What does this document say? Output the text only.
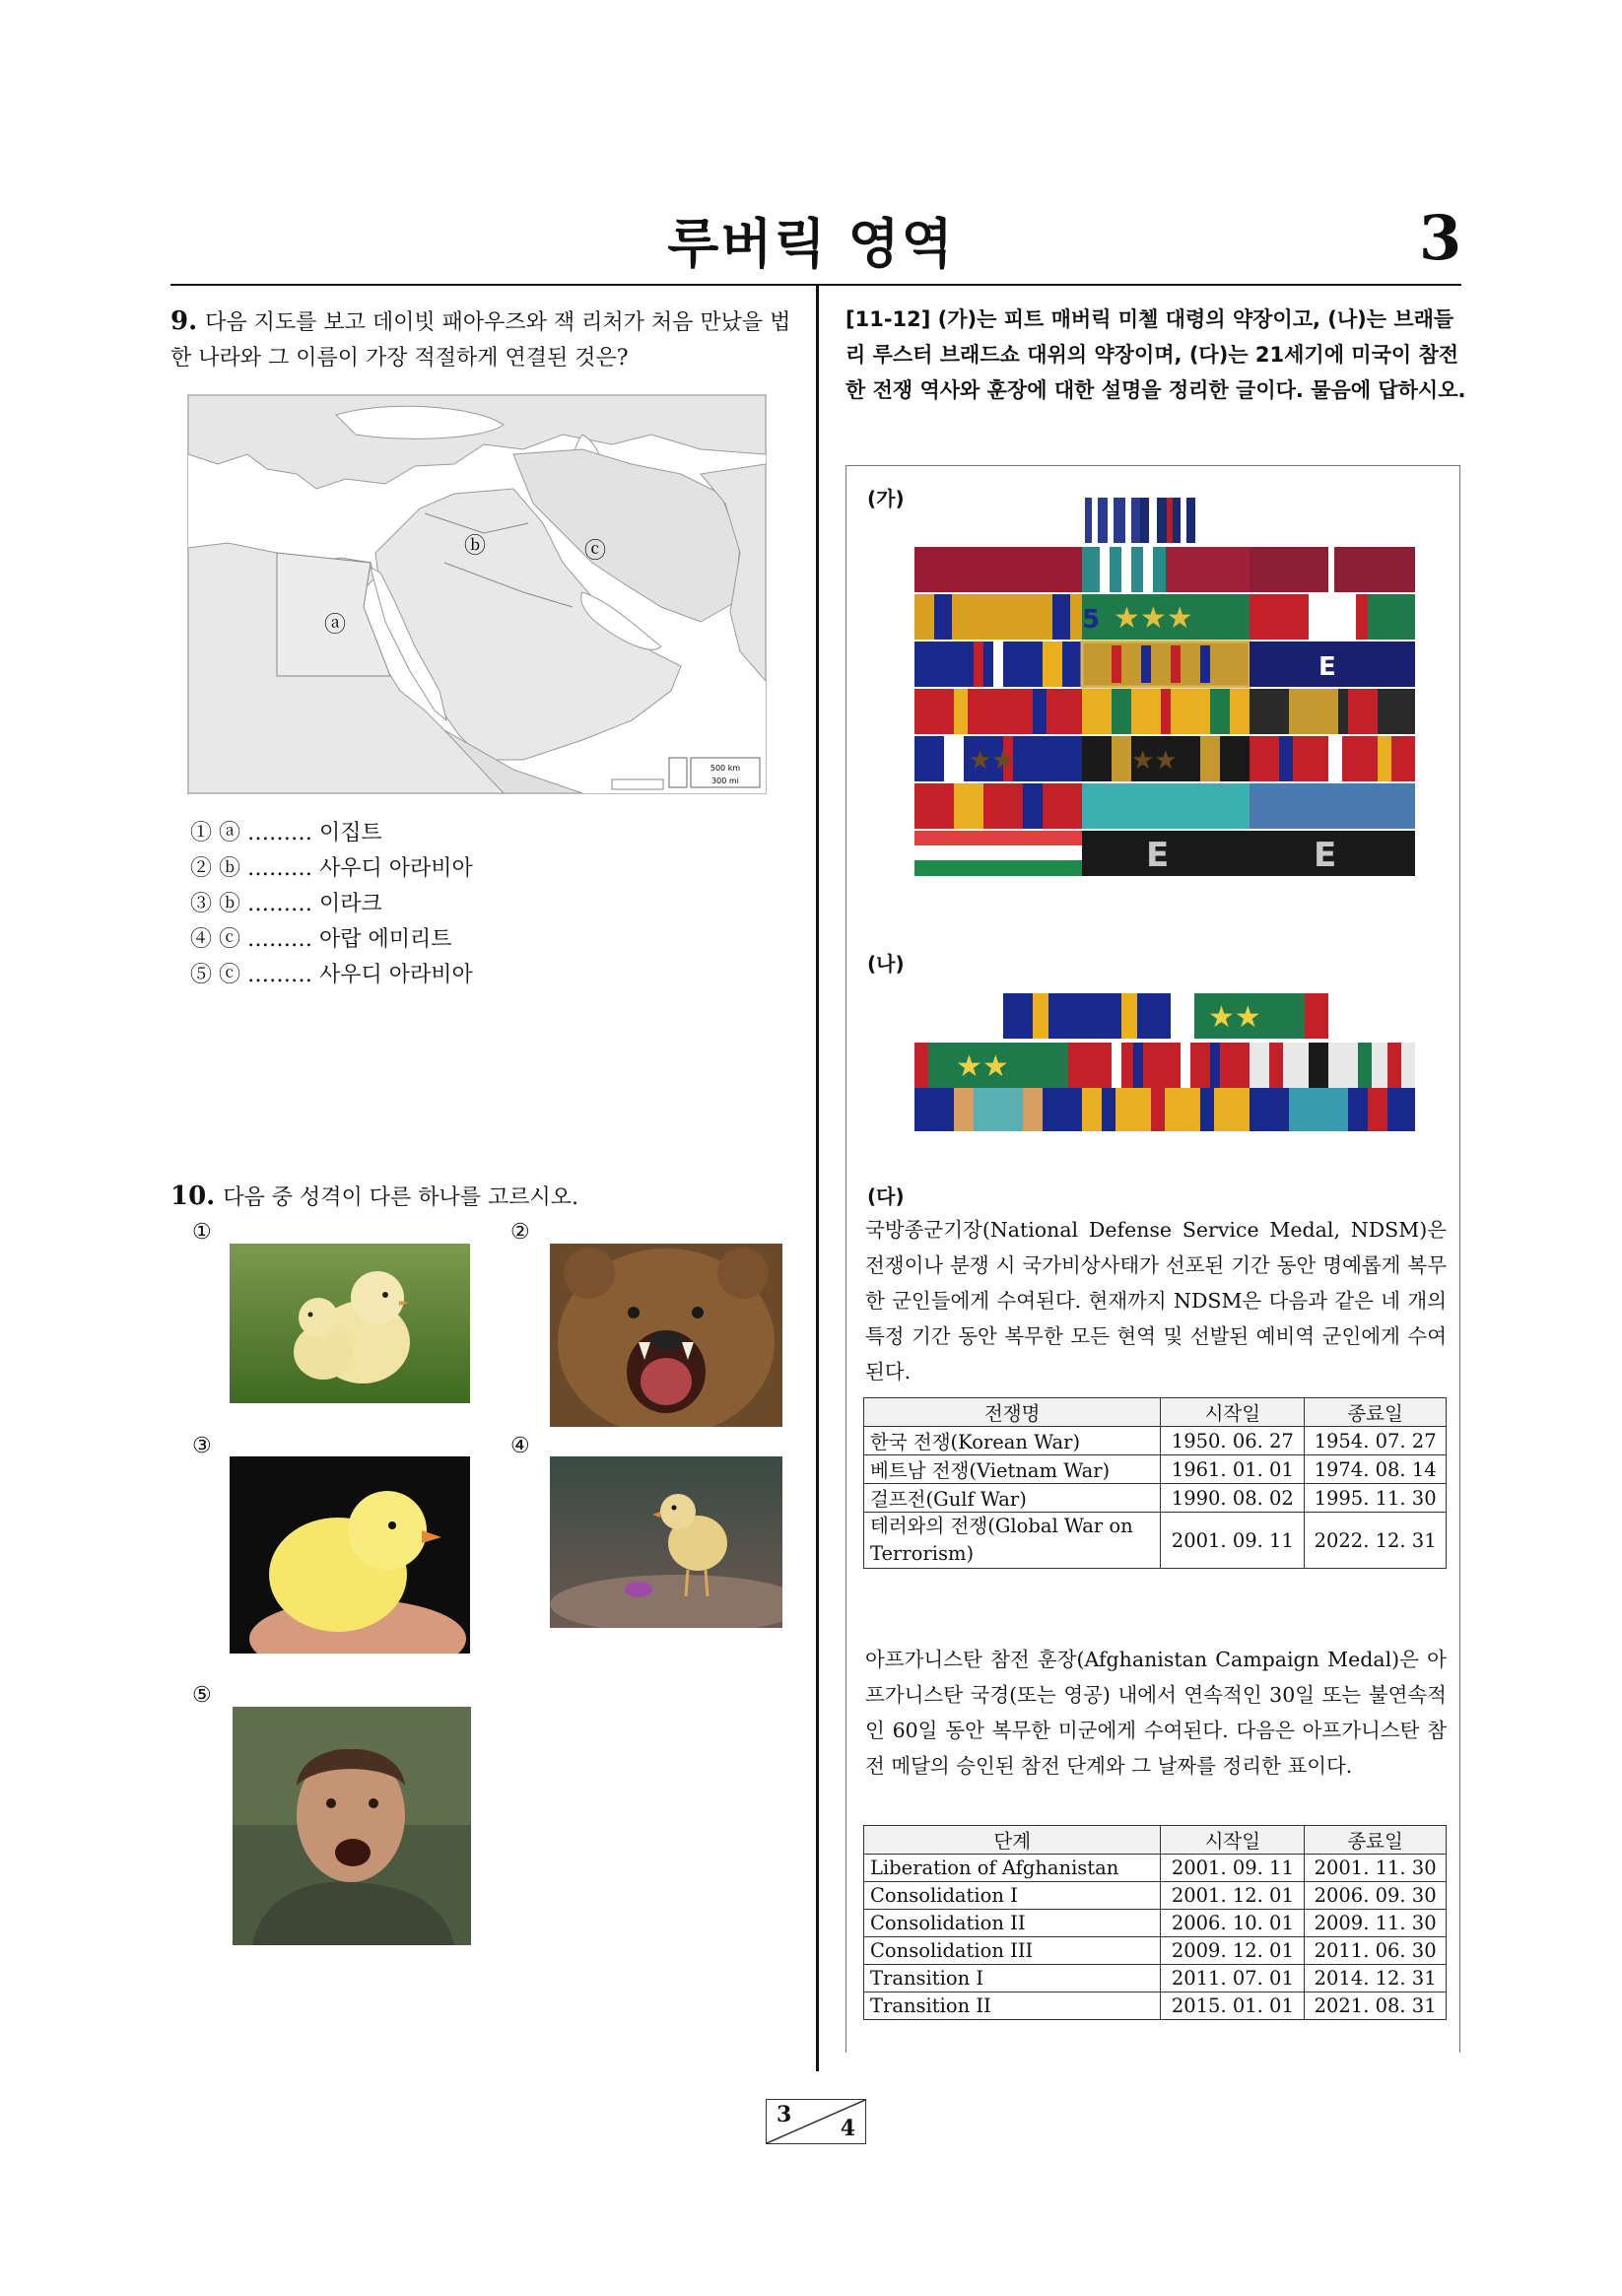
루버릭 영역	3
9. 다음 지도를 보고 데이빗 패아우즈와 잭 리처가 처음 만났을 법한 나라와 그 이름이 가장 적절하게 연결된 것은?
500 km
300 mi
ⓐ
ⓑ	ⓒ
① ⓐ ……… 이집트
② ⓑ ……… 사우디 아라비아
③ ⓑ ……… 이라크
④ ⓒ ……… 아랍 에미리트
⑤ ⓒ ……… 사우디 아라비아
10. 다음 중 성격이 다른 하나를 고르시오.
①	②
③	④
⑤
[11-12] (가)는 피트 매버릭 미첼 대령의 약장이고, (나)는 브래들리 루스터 브래드쇼 대위의 약장이며, (다)는 21세기에 미국이 참전한 전쟁 역사와 훈장에 대한 설명을 정리한 글이다. 물음에 답하시오.
(가)
5 ★★★
E
★★	★★
E	E
(나)
★★
★★
(다)
국방종군기장(National Defense Service Medal, NDSM)은 전쟁이나 분쟁 시 국가비상사태가 선포된 기간 동안 명예롭게 복무한 군인들에게 수여된다. 현재까지 NDSM은 다음과 같은 네 개의 특정 기간 동안 복무한 모든 현역 및 선발된 예비역 군인에게 수여된다.
전쟁명	시작일	종료일
한국 전쟁(Korean War)	1950. 06. 27	1954. 07. 27
베트남 전쟁(Vietnam War)	1961. 01. 01	1974. 08. 14
걸프전(Gulf War)	1990. 08. 02	1995. 11. 30
테러와의 전쟁(Global War on Terrorism)	2001. 09. 11	2022. 12. 31
아프가니스탄 참전 훈장(Afghanistan Campaign Medal)은 아프가니스탄 국경(또는 영공) 내에서 연속적인 30일 또는 불연속적인 60일 동안 복무한 미군에게 수여된다. 다음은 아프가니스탄 참전 메달의 승인된 참전 단계와 그 날짜를 정리한 표이다.
단계	시작일	종료일
Liberation of Afghanistan	2001. 09. 11	2001. 11. 30
Consolidation I	2001. 12. 01	2006. 09. 30
Consolidation II	2006. 10. 01	2009. 11. 30
Consolidation III	2009. 12. 01	2011. 06. 30
Transition I	2011. 07. 01	2014. 12. 31
Transition II	2015. 01. 01	2021. 08. 31
3
4
